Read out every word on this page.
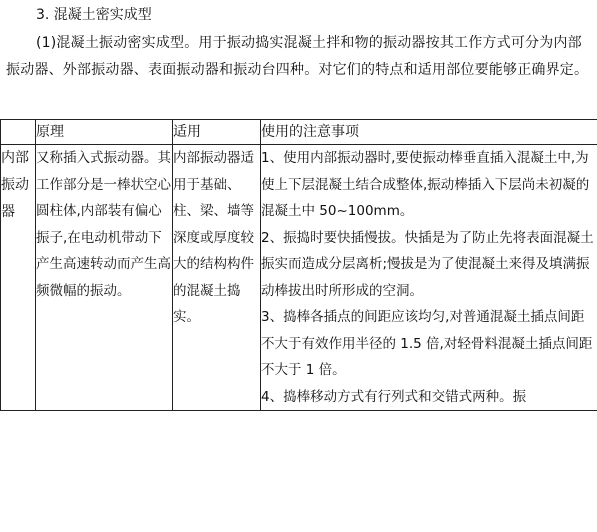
3. 混凝土密实成型
(1)混凝土振动密实成型。用于振动捣实混凝土拌和物的振动器按其工作方式可分为内部振动器、外部振动器、表面振动器和振动台四种。对它们的特点和适用部位要能够正确界定。
	原理	适用	使用的注意事项
内部振动器	又称插入式振动器。其工作部分是一棒状空心圆柱体,内部装有偏心振子,在电动机带动下产生高速转动而产生高频微幅的振动。	内部振动器适用于基础、柱、梁、墙等深度或厚度较大的结构构件的混凝土捣实。	1、使用内部振动器时,要使振动棒垂直插入混凝土中,为使上下层混凝土结合成整体,振动棒插入下层尚未初凝的混凝土中 50~100mm。
2、振捣时要快插慢拔。快插是为了防止先将表面混凝土振实而造成分层离析;慢拔是为了使混凝土来得及填满振动棒拔出时所形成的空洞。
3、捣棒各插点的间距应该均匀,对普通混凝土插点间距不大于有效作用半径的 1.5 倍,对轻骨料混凝土插点间距不大于 1 倍。
4、捣棒移动方式有行列式和交错式两种。振
